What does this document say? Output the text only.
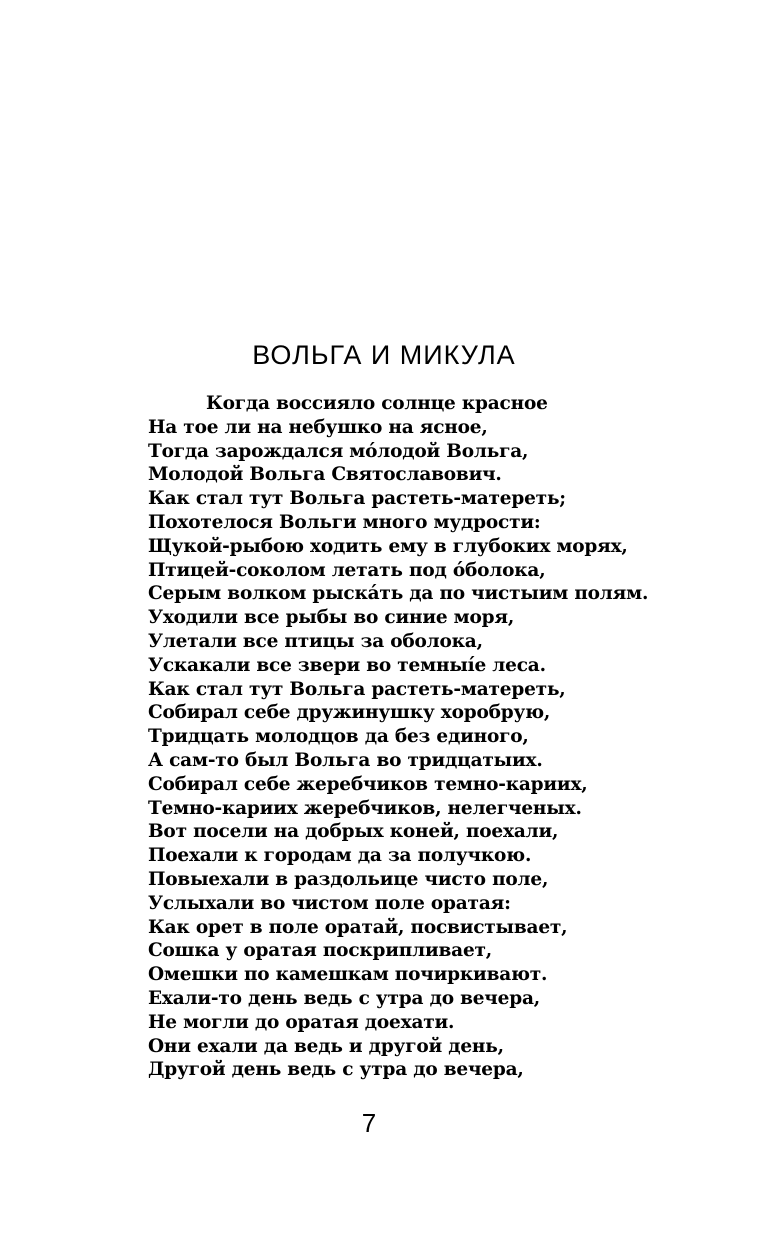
ВОЛЬГА И МИКУЛА
Когда воссияло солнце красное
На тое ли на небушко на ясное,
Тогда зарождался мóлодой Вольга,
Молодой Вольга Святославович.
Как стал тут Вольга растеть-матереть;
Похотелося Вольги много мудрости:
Щукой-рыбою ходить ему в глубоких морях,
Птицей-соколом летать под óболока,
Серым волком рыскáть да по чистыим полям.
Уходили все рыбы во синие моря,
Улетали все птицы за оболока,
Ускакали все звери во темныíе леса.
Как стал тут Вольга растеть-матереть,
Собирал себе дружинушку хоробрую,
Тридцать молодцов да без единого,
А сам-то был Вольга во тридцатыих.
Собирал себе жеребчиков темно-кариих,
Темно-кариих жеребчиков, нелегченых.
Вот посели на добрых коней, поехали,
Поехали к городам да за получкою.
Повыехали в раздольице чисто поле,
Услыхали во чистом поле оратая:
Как орет в поле оратай, посвистывает,
Сошка у оратая поскрипливает,
Омешки по камешкам почиркивают.
Ехали-то день ведь с утра до вечера,
Не могли до оратая доехати.
Они ехали да ведь и другой день,
Другой день ведь с утра до вечера,
7
